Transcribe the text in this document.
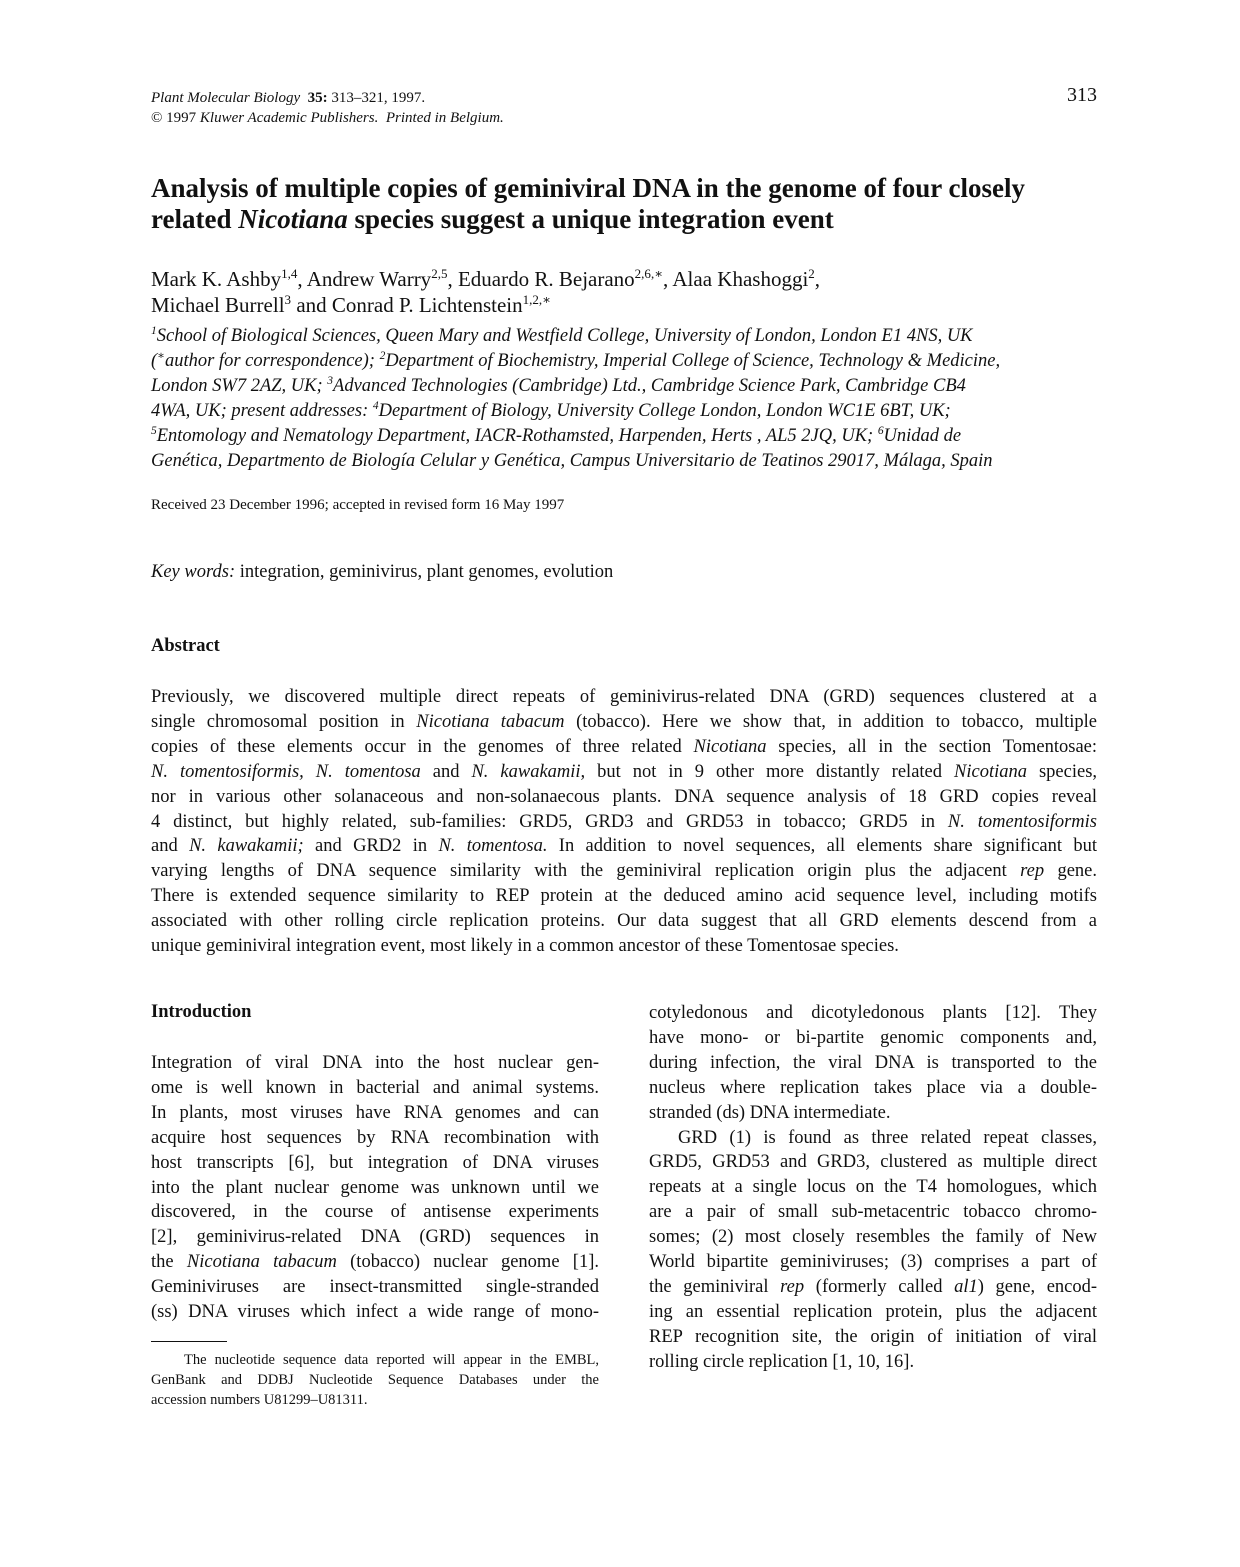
Plant Molecular Biology 35: 313–321, 1997.
© 1997 Kluwer Academic Publishers. Printed in Belgium.
313
Analysis of multiple copies of geminiviral DNA in the genome of four closely related Nicotiana species suggest a unique integration event

Mark K. Ashby$^{1,4}$, Andrew Warry$^{2,5}$, Eduardo R. Bejarano$^{2,6,∗}$, Alaa Khashoggi$^2$,
Michael Burrell$^3$ and Conrad P. Lichtenstein$^{1,2,∗}$

$^1$School of Biological Sciences, Queen Mary and Westfield College, University of London, London E1 4NS, UK
(∗author for correspondence); $^2$Department of Biochemistry, Imperial College of Science, Technology & Medicine,
London SW7 2AZ, UK; $^3$Advanced Technologies (Cambridge) Ltd., Cambridge Science Park, Cambridge CB4
4WA, UK; present addresses: $^4$Department of Biology, University College London, London WC1E 6BT, UK;
$^5$Entomology and Nematology Department, IACR-Rothamsted, Harpenden, Herts , AL5 2JQ, UK; $^6$Unidad de
Genética, Departmento de Biología Celular y Genética, Campus Universitario de Teatinos 29017, Málaga, Spain

Received 23 December 1996; accepted in revised form 16 May 1997
Key words: integration, geminivirus, plant genomes, evolution
Abstract

Previously, we discovered multiple direct repeats of geminivirus-related DNA (GRD) sequences clustered at a
single chromosomal position in Nicotiana tabacum (tobacco). Here we show that, in addition to tobacco, multiple
copies of these elements occur in the genomes of three related Nicotiana species, all in the section Tomentosae:
N. tomentosiformis, N. tomentosa and N. kawakamii, but not in 9 other more distantly related Nicotiana species,
nor in various other solanaceous and non-solanaecous plants. DNA sequence analysis of 18 GRD copies reveal
4 distinct, but highly related, sub-families: GRD5, GRD3 and GRD53 in tobacco; GRD5 in N. tomentosiformis
and N. kawakamii; and GRD2 in N. tomentosa. In addition to novel sequences, all elements share significant but
varying lengths of DNA sequence similarity with the geminiviral replication origin plus the adjacent rep gene.
There is extended sequence similarity to REP protein at the deduced amino acid sequence level, including motifs
associated with other rolling circle replication proteins. Our data suggest that all GRD elements descend from a
unique geminiviral integration event, most likely in a common ancestor of these Tomentosae species.

Introduction

Integration of viral DNA into the host nuclear gen-
ome is well known in bacterial and animal systems.
In plants, most viruses have RNA genomes and can
acquire host sequences by RNA recombination with
host transcripts [6], but integration of DNA viruses
into the plant nuclear genome was unknown until we
discovered, in the course of antisense experiments
[2], geminivirus-related DNA (GRD) sequences in
the Nicotiana tabacum (tobacco) nuclear genome [1].
Geminiviruses are insect-transmitted single-stranded
(ss) DNA viruses which infect a wide range of mono-

cotyledonous and dicotyledonous plants [12]. They
have mono- or bi-partite genomic components and,
during infection, the viral DNA is transported to the
nucleus where replication takes place via a double-
stranded (ds) DNA intermediate.
GRD (1) is found as three related repeat classes,
GRD5, GRD53 and GRD3, clustered as multiple direct
repeats at a single locus on the T4 homologues, which
are a pair of small sub-metacentric tobacco chromo-
somes; (2) most closely resembles the family of New
World bipartite geminiviruses; (3) comprises a part of
the geminiviral rep (formerly called al1) gene, encod-
ing an essential replication protein, plus the adjacent
REP recognition site, the origin of initiation of viral
rolling circle replication [1, 10, 16].

The nucleotide sequence data reported will appear in the EMBL,
GenBank and DDBJ Nucleotide Sequence Databases under the
accession numbers U81299–U81311.
